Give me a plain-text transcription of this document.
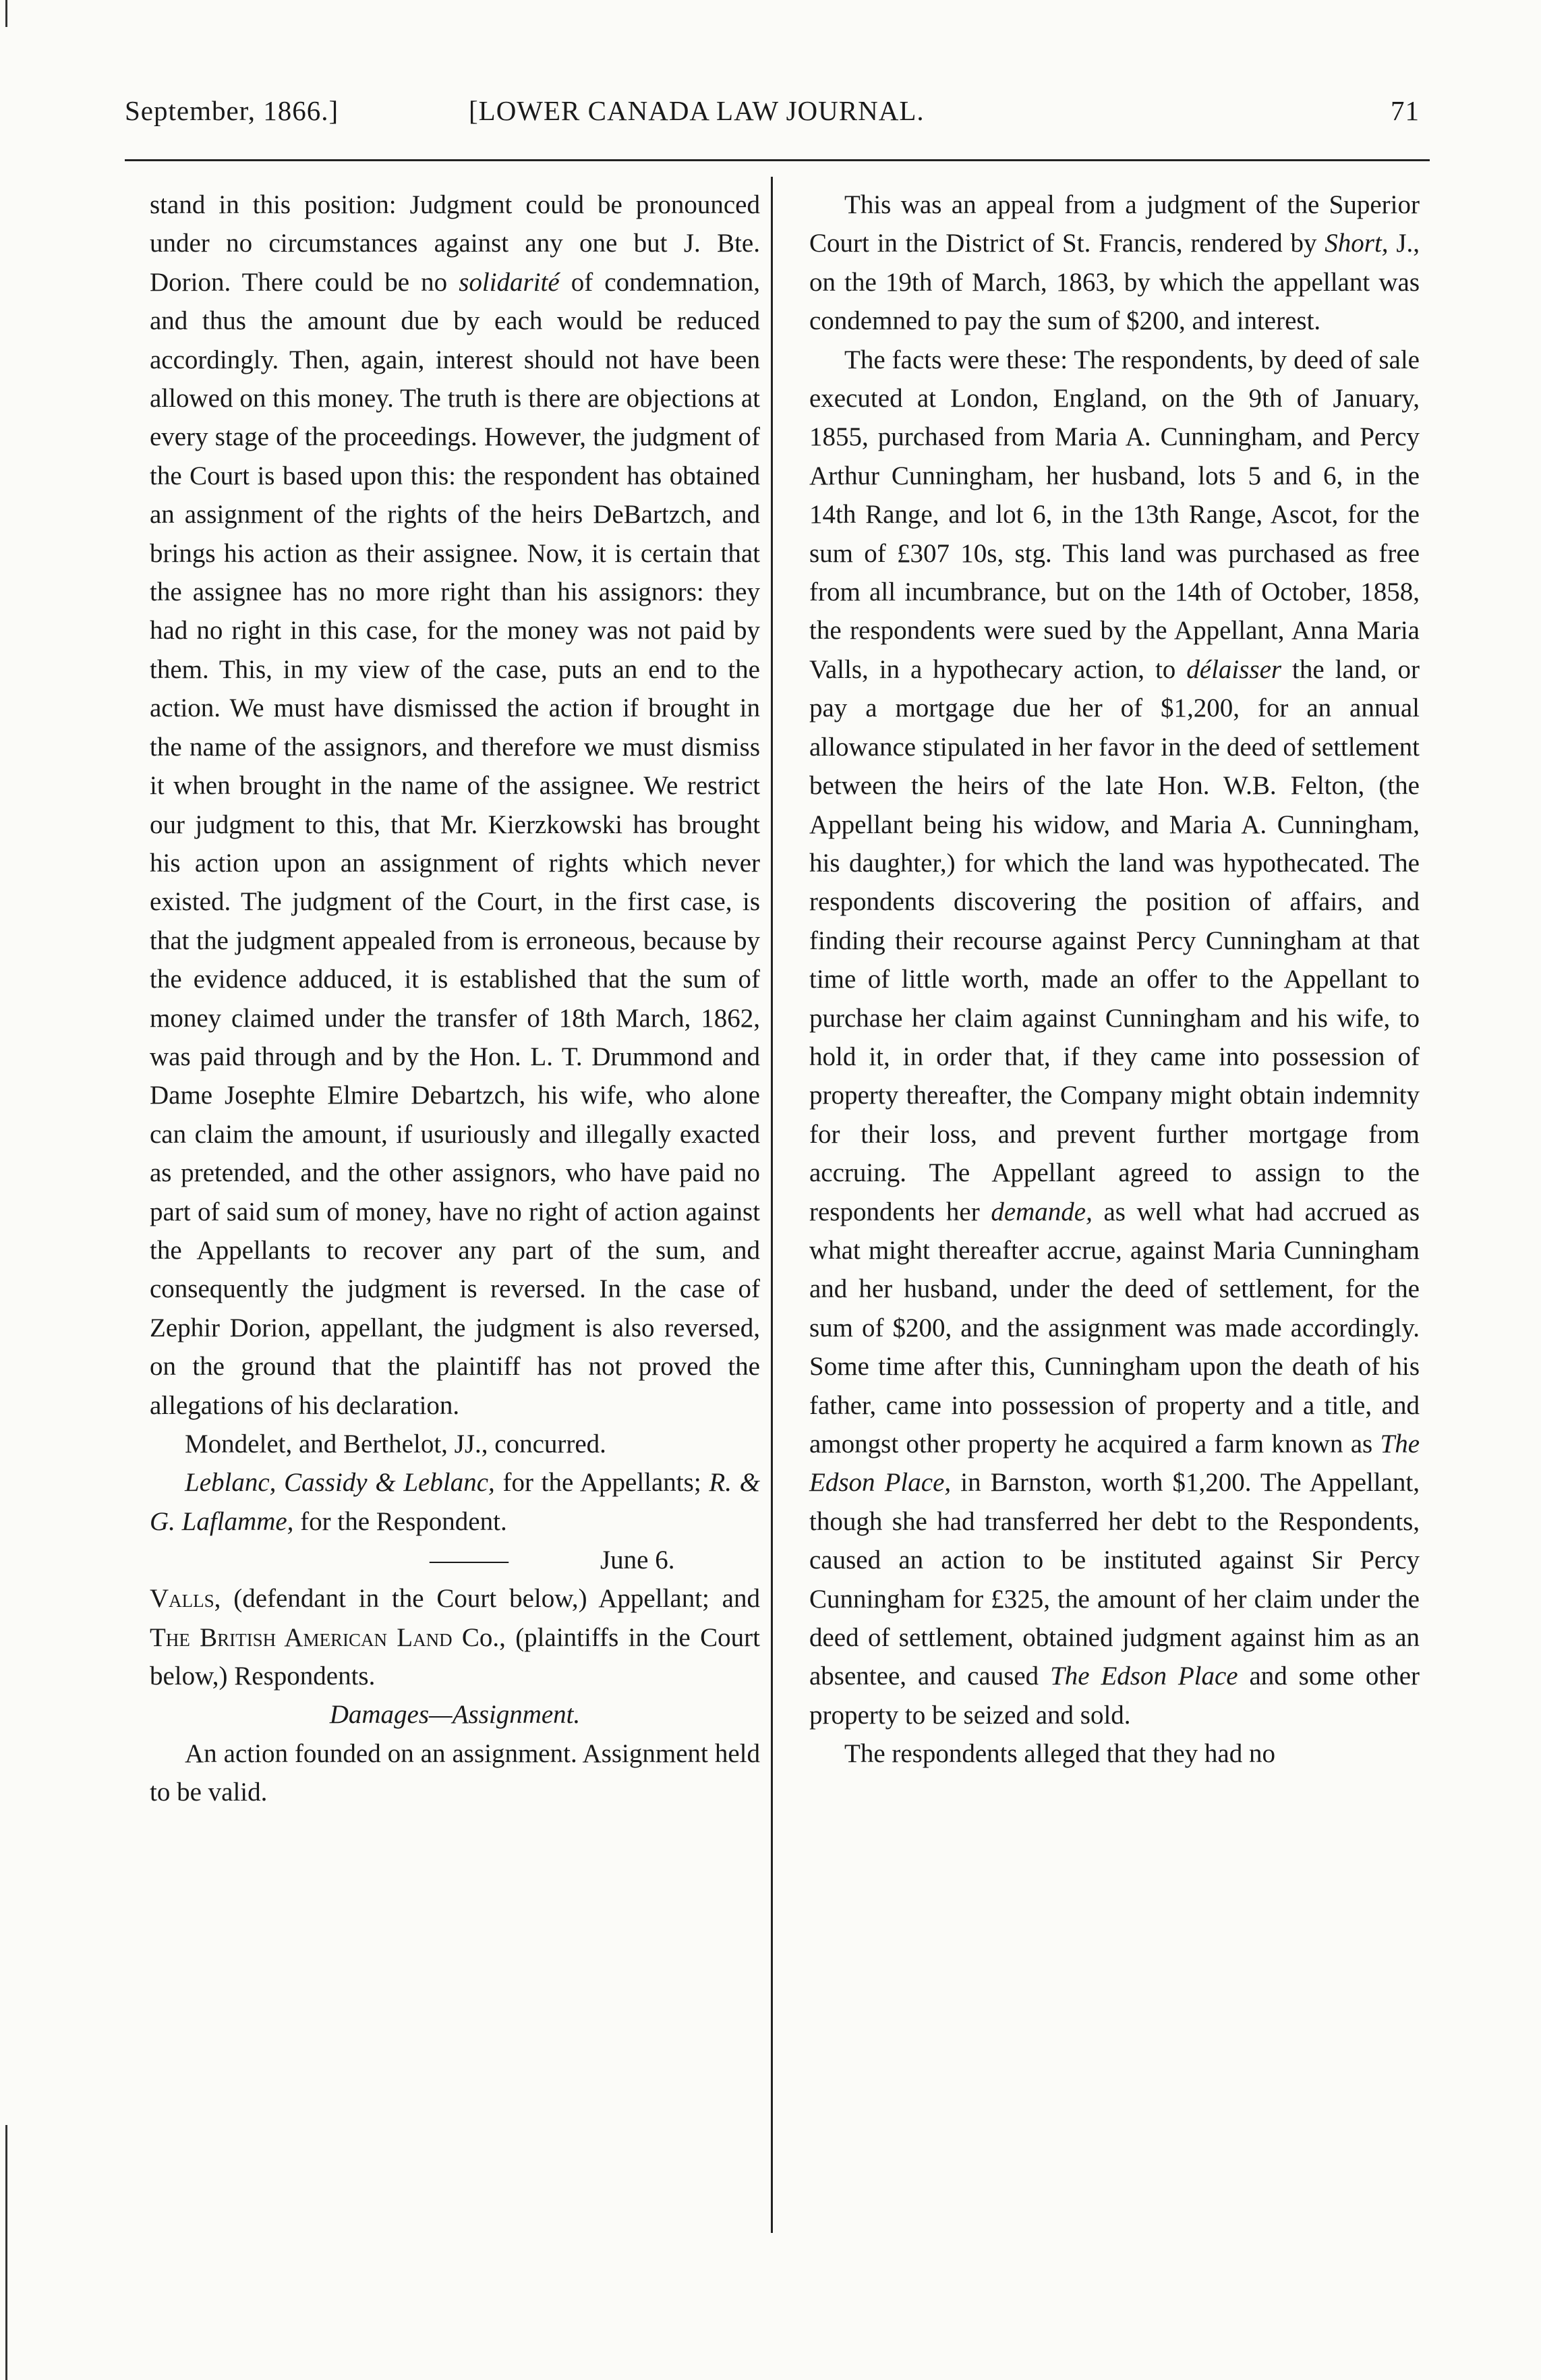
September, 1866.]	[LOWER CANADA LAW JOURNAL.	71

stand in this position: Judgment could be pronounced under no circumstances against any one but J. Bte. Dorion. There could be no solidarité of condemnation, and thus the amount due by each would be reduced accordingly. Then, again, interest should not have been allowed on this money. The truth is there are objections at every stage of the proceedings. However, the judgment of the Court is based upon this: the respondent has obtained an assignment of the rights of the heirs DeBartzch, and brings his action as their assignee. Now, it is certain that the assignee has no more right than his assignors: they had no right in this case, for the money was not paid by them. This, in my view of the case, puts an end to the action. We must have dismissed the action if brought in the name of the assignors, and therefore we must dismiss it when brought in the name of the assignee. We restrict our judgment to this, that Mr. Kierzkowski has brought his action upon an assignment of rights which never existed. The judgment of the Court, in the first case, is that the judgment appealed from is erroneous, because by the evidence adduced, it is established that the sum of money claimed under the transfer of 18th March, 1862, was paid through and by the Hon. L. T. Drummond and Dame Josephte Elmire Debartzch, his wife, who alone can claim the amount, if usuriously and illegally exacted as pretended, and the other assignors, who have paid no part of said sum of money, have no right of action against the Appellants to recover any part of the sum, and consequently the judgment is reversed. In the case of Zephir Dorion, appellant, the judgment is also reversed, on the ground that the plaintiff has not proved the allegations of his declaration.

Mondelet, and Berthelot, JJ., concurred.

Leblanc, Cassidy & Leblanc, for the Appellants; R. & G. Laflamme, for the Respondent.

———	June 6.

Valls, (defendant in the Court below,) Appellant; and The British American Land Co., (plaintiffs in the Court below,) Respondents.

Damages—Assignment.

An action founded on an assignment. Assignment held to be valid.

This was an appeal from a judgment of the Superior Court in the District of St. Francis, rendered by Short, J., on the 19th of March, 1863, by which the appellant was condemned to pay the sum of $200, and interest.

The facts were these: The respondents, by deed of sale executed at London, England, on the 9th of January, 1855, purchased from Maria A. Cunningham, and Percy Arthur Cunningham, her husband, lots 5 and 6, in the 14th Range, and lot 6, in the 13th Range, Ascot, for the sum of £307 10s, stg. This land was purchased as free from all incumbrance, but on the 14th of October, 1858, the respondents were sued by the Appellant, Anna Maria Valls, in a hypothecary action, to délaisser the land, or pay a mortgage due her of $1,200, for an annual allowance stipulated in her favor in the deed of settlement between the heirs of the late Hon. W.B. Felton, (the Appellant being his widow, and Maria A. Cunningham, his daughter,) for which the land was hypothecated. The respondents discovering the position of affairs, and finding their recourse against Percy Cunningham at that time of little worth, made an offer to the Appellant to purchase her claim against Cunningham and his wife, to hold it, in order that, if they came into possession of property thereafter, the Company might obtain indemnity for their loss, and prevent further mortgage from accruing. The Appellant agreed to assign to the respondents her demande, as well what had accrued as what might thereafter accrue, against Maria Cunningham and her husband, under the deed of settlement, for the sum of $200, and the assignment was made accordingly. Some time after this, Cunningham upon the death of his father, came into possession of property and a title, and amongst other property he acquired a farm known as The Edson Place, in Barnston, worth $1,200. The Appellant, though she had transferred her debt to the Respondents, caused an action to be instituted against Sir Percy Cunningham for £325, the amount of her claim under the deed of settlement, obtained judgment against him as an absentee, and caused The Edson Place and some other property to be seized and sold.

The respondents alleged that they had no
